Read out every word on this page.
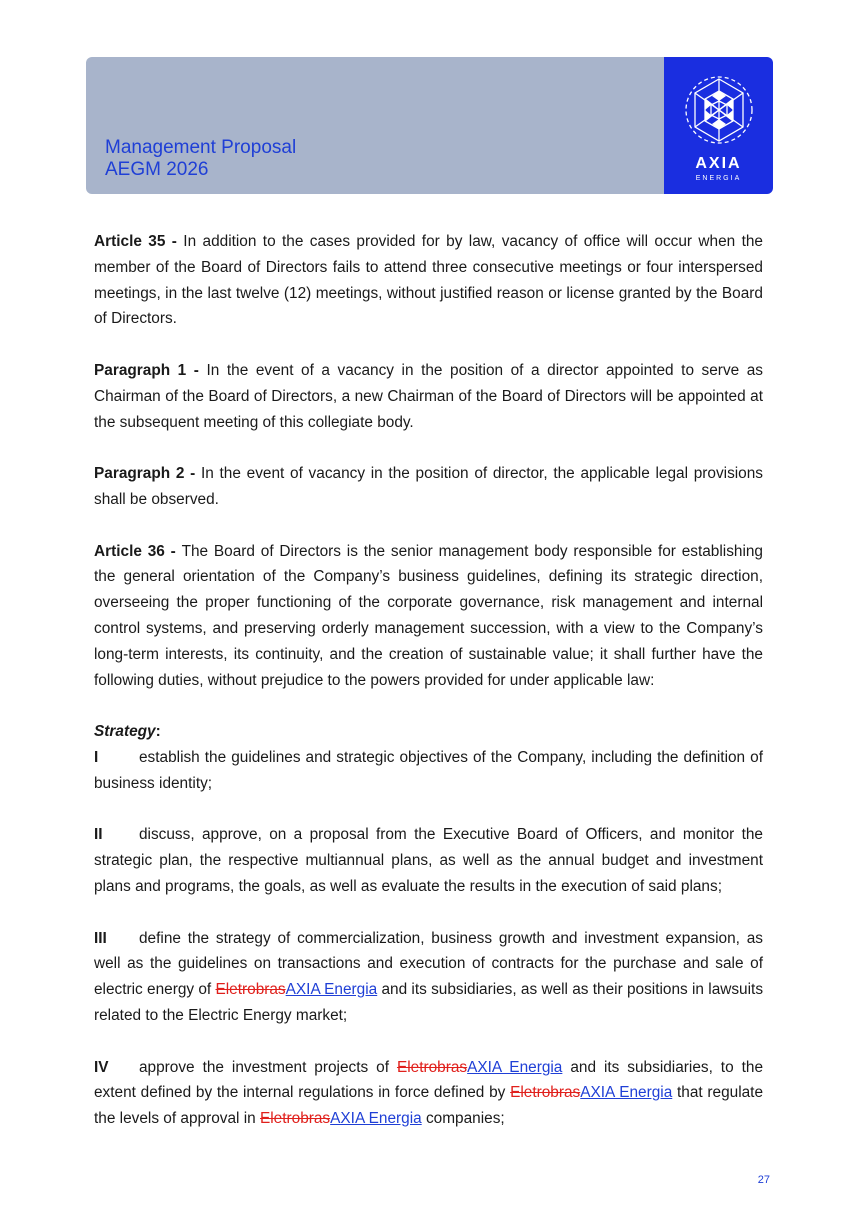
Management Proposal
AEGM 2026	AXIA
ENERGIA

Article 35 - In addition to the cases provided for by law, vacancy of office will occur when the member of the Board of Directors fails to attend three consecutive meetings or four interspersed meetings, in the last twelve (12) meetings, without justified reason or license granted by the Board of Directors.

Paragraph 1 - In the event of a vacancy in the position of a director appointed to serve as Chairman of the Board of Directors, a new Chairman of the Board of Directors will be appointed at the subsequent meeting of this collegiate body.

Paragraph 2 - In the event of vacancy in the position of director, the applicable legal provisions shall be observed.

Article 36 - The Board of Directors is the senior management body responsible for establishing the general orientation of the Company’s business guidelines, defining its strategic direction, overseeing the proper functioning of the corporate governance, risk management and internal control systems, and preserving orderly management succession, with a view to the Company’s long-term interests, its continuity, and the creation of sustainable value; it shall further have the following duties, without prejudice to the powers provided for under applicable law:

Strategy:

I	establish the guidelines and strategic objectives of the Company, including the definition of business identity;

II discuss, approve, on a proposal from the Executive Board of Officers, and monitor the strategic plan, the respective multiannual plans, as well as the annual budget and investment plans and programs, the goals, as well as evaluate the results in the execution of said plans;

III define the strategy of commercialization, business growth and investment expansion, as well as the guidelines on transactions and execution of contracts for the purchase and sale of electric energy of EletrobrasAXIA Energia and its subsidiaries, as well as their positions in lawsuits related to the Electric Energy market;

IV approve the investment projects of EletrobrasAXIA Energia and its subsidiaries, to the extent defined by the internal regulations in force defined by EletrobrasAXIA Energia that regulate the levels of approval in EletrobrasAXIA Energia companies;

27
